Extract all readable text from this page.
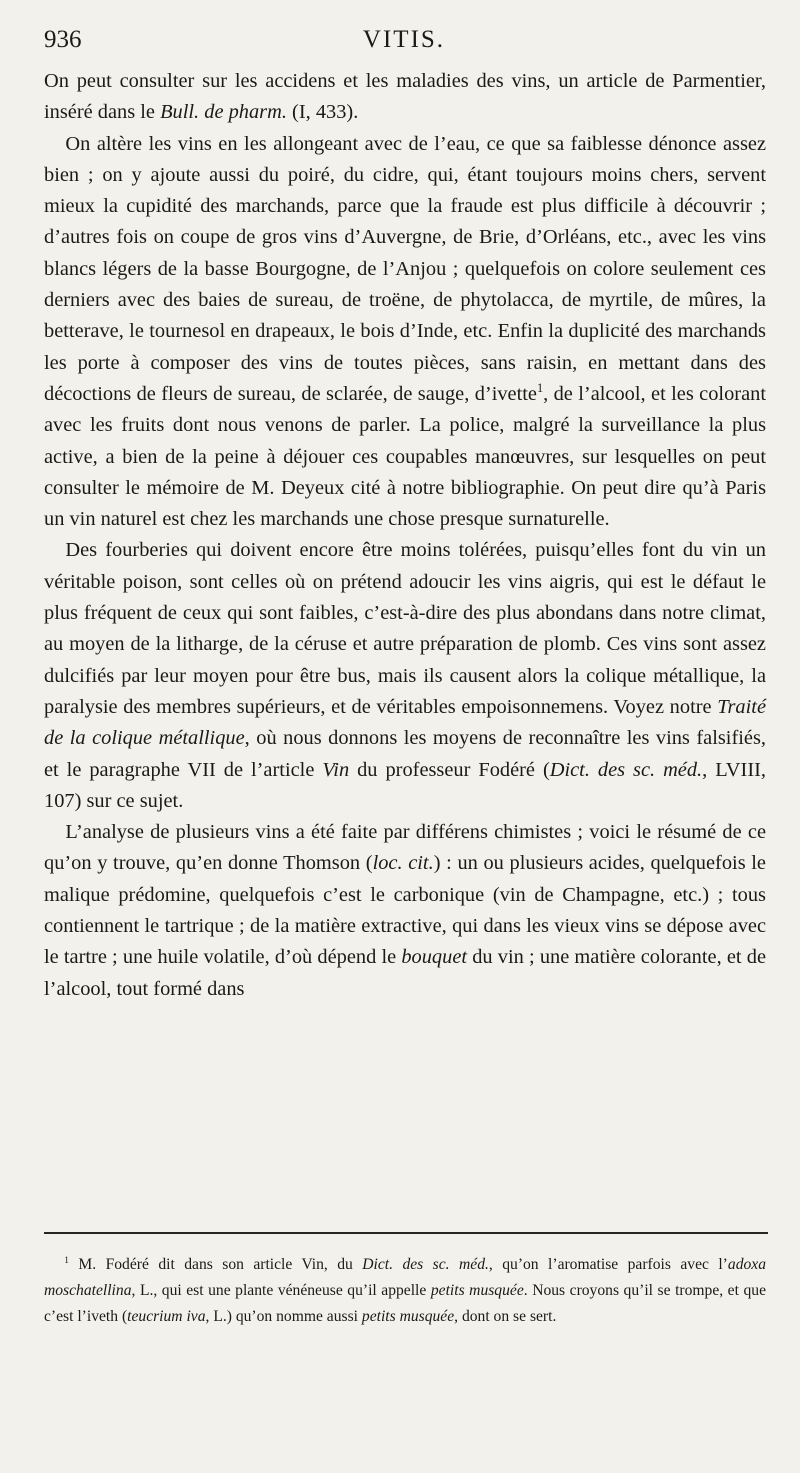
936	VITIS.

On peut consulter sur les accidens et les maladies des vins, un article de Parmentier, inséré dans le Bull. de pharm. (I, 433).

On altère les vins en les allongeant avec de l’eau, ce que sa faiblesse dénonce assez bien ; on y ajoute aussi du poiré, du cidre, qui, étant toujours moins chers, servent mieux la cupidité des marchands, parce que la fraude est plus difficile à découvrir ; d’autres fois on coupe de gros vins d’Auvergne, de Brie, d’Orléans, etc., avec les vins blancs légers de la basse Bourgogne, de l’Anjou ; quelquefois on colore seulement ces derniers avec des baies de sureau, de troëne, de phytolacca, de myrtile, de mûres, la betterave, le tournesol en drapeaux, le bois d’Inde, etc. Enfin la duplicité des marchands les porte à composer des vins de toutes pièces, sans raisin, en mettant dans des décoctions de fleurs de sureau, de sclarée, de sauge, d’ivette$^1$, de l’alcool, et les colorant avec les fruits dont nous venons de parler. La police, malgré la surveillance la plus active, a bien de la peine à déjouer ces coupables manœuvres, sur lesquelles on peut consulter le mémoire de M. Deyeux cité à notre bibliographie. On peut dire qu’à Paris un vin naturel est chez les marchands une chose presque surnaturelle.

Des fourberies qui doivent encore être moins tolérées, puisqu’elles font du vin un véritable poison, sont celles où on prétend adoucir les vins aigris, qui est le défaut le plus fréquent de ceux qui sont faibles, c’est-à-dire des plus abondans dans notre climat, au moyen de la litharge, de la céruse et autre préparation de plomb. Ces vins sont assez dulcifiés par leur moyen pour être bus, mais ils causent alors la colique métallique, la paralysie des membres supérieurs, et de véritables empoisonnemens. Voyez notre Traité de la colique métallique, où nous donnons les moyens de reconnaître les vins falsifiés, et le paragraphe VII de l’article Vin du professeur Fodéré (Dict. des sc. méd., LVIII, 107) sur ce sujet.

L’analyse de plusieurs vins a été faite par différens chimistes ; voici le résumé de ce qu’on y trouve, qu’en donne Thomson (loc. cit.) : un ou plusieurs acides, quelquefois le malique prédomine, quelquefois c’est le carbonique (vin de Champagne, etc.) ; tous contiennent le tartrique ; de la matière extractive, qui dans les vieux vins se dépose avec le tartre ; une huile volatile, d’où dépend le bouquet du vin ; une matière colorante, et de l’alcool, tout formé dans

$^1$ M. Fodéré dit dans son article Vin, du Dict. des sc. méd., qu’on l’aromatise parfois avec l’adoxa moschatellina, L., qui est une plante vénéneuse qu’il appelle petits musquée. Nous croyons qu’il se trompe, et que c’est l’iveth (teucrium iva, L.) qu’on nomme aussi petits musquée, dont on se sert.
